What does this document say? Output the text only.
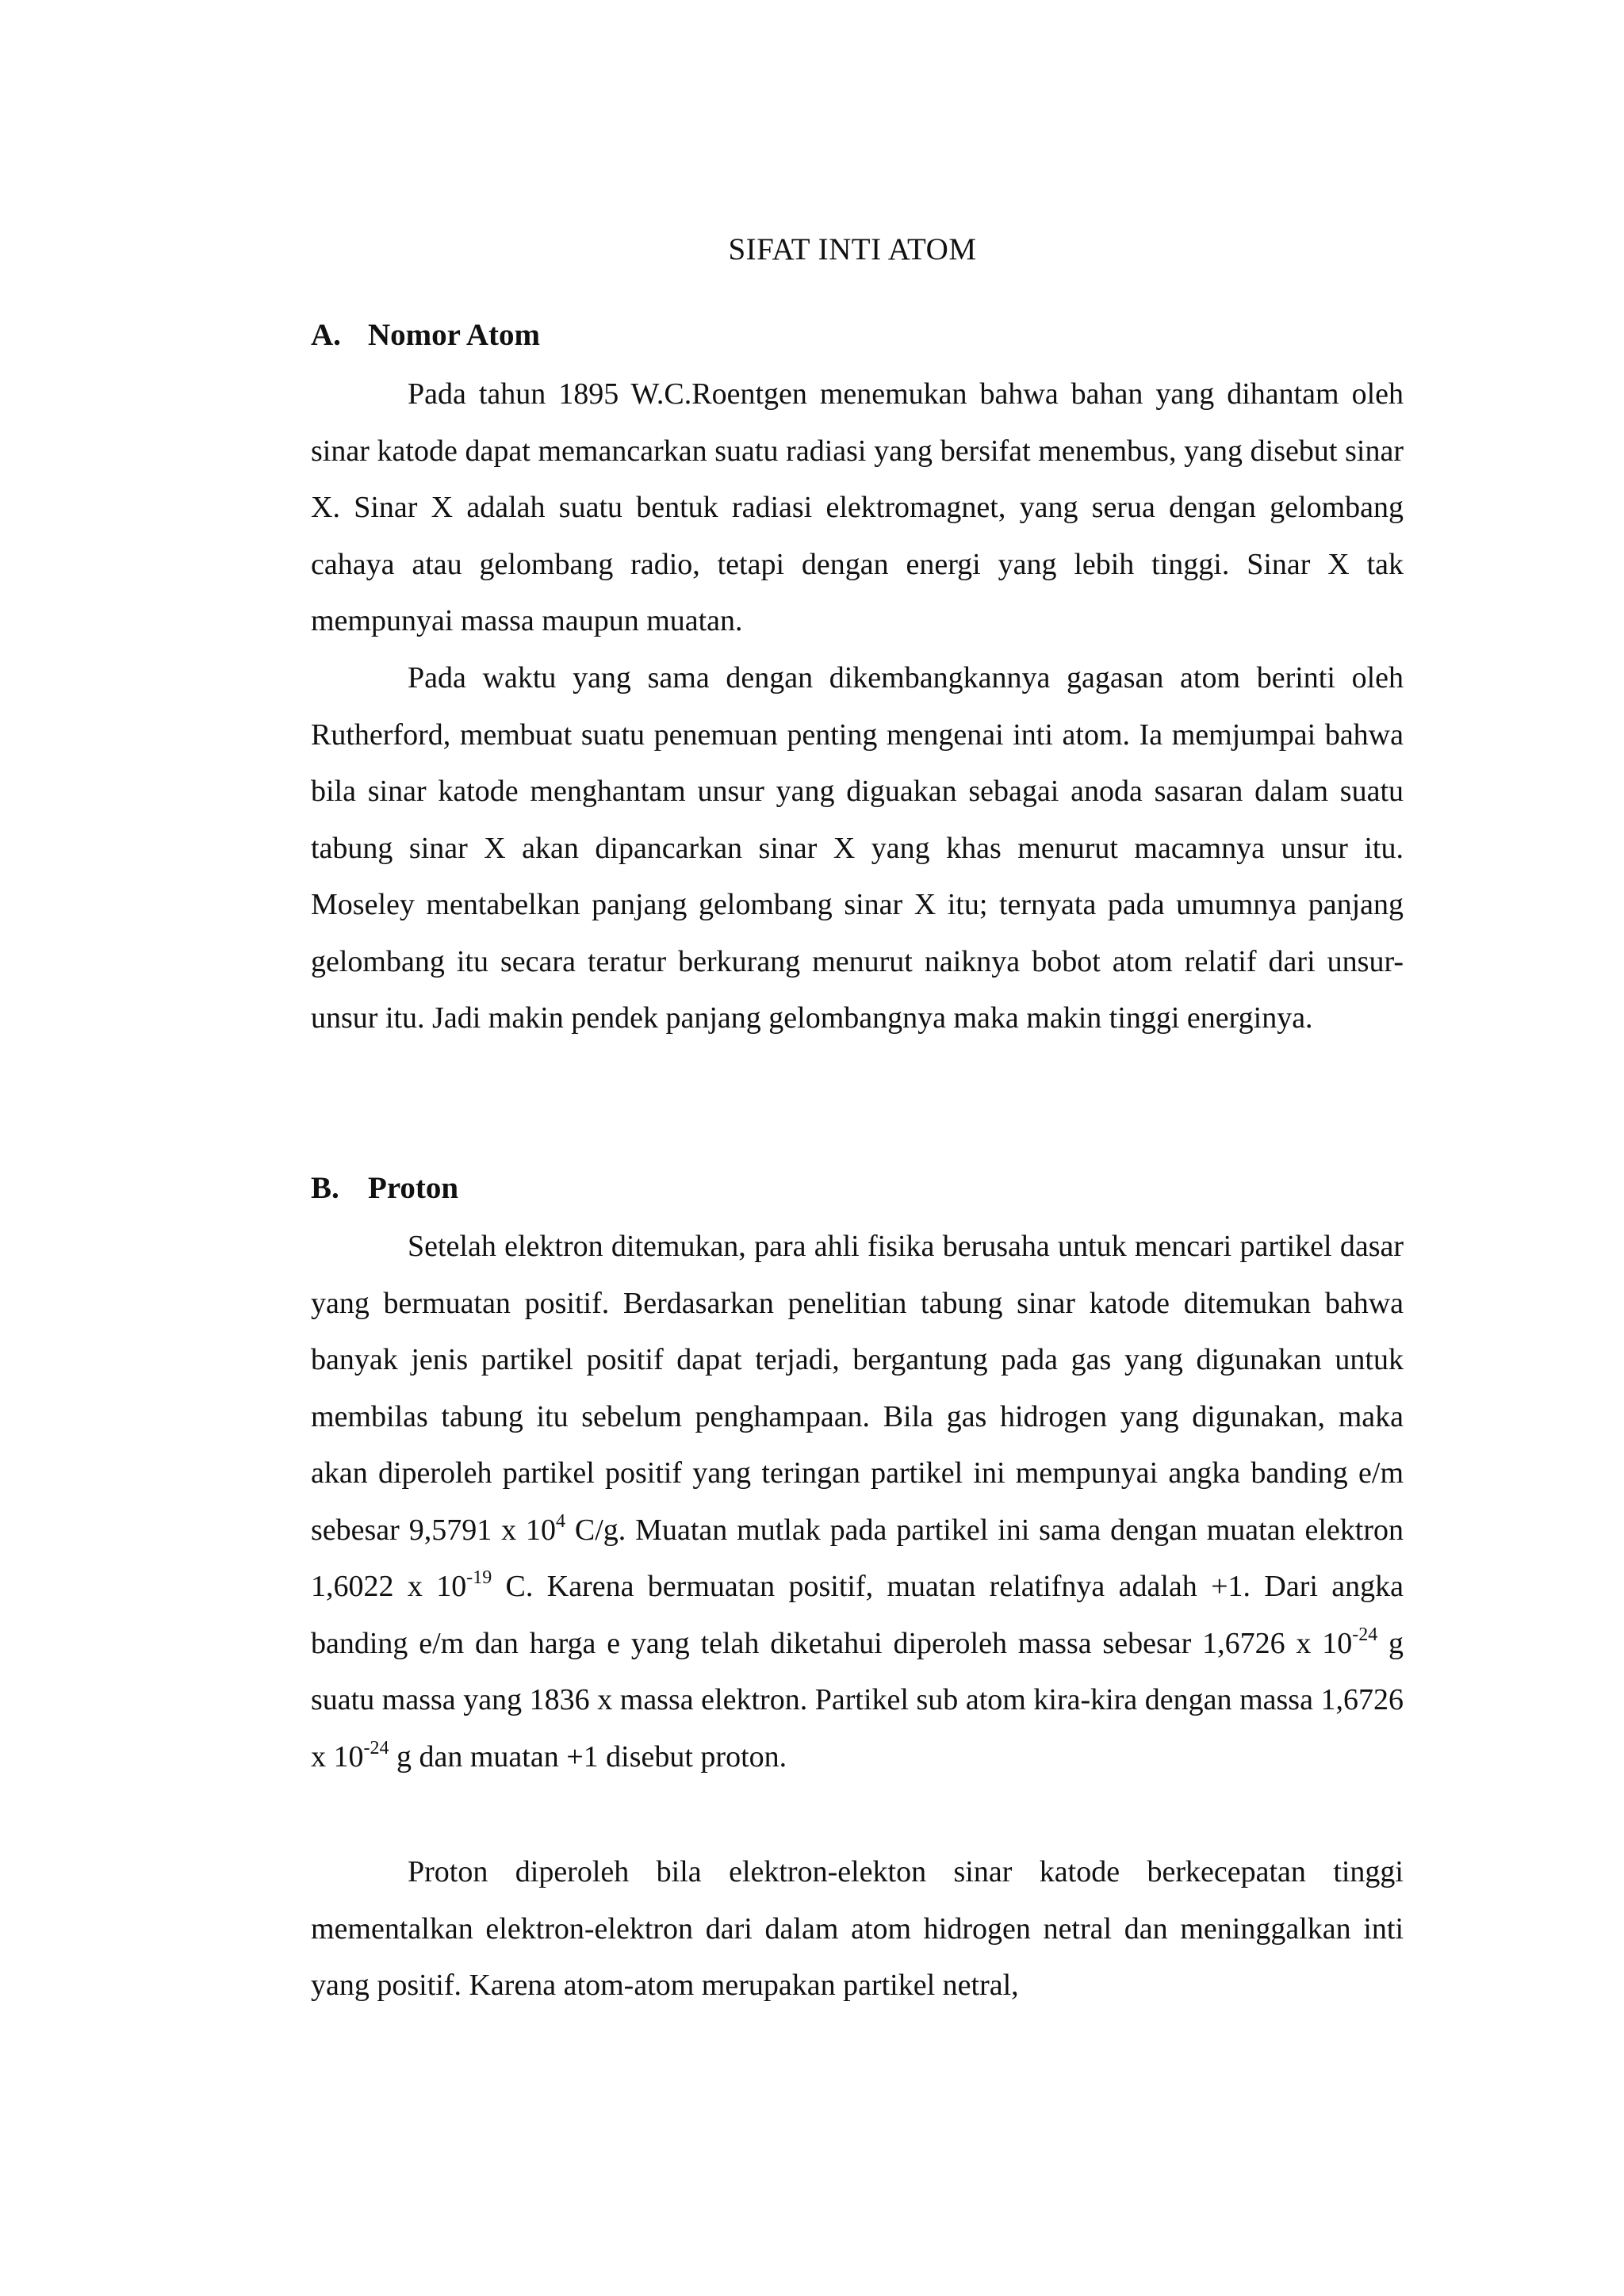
SIFAT INTI ATOM
A. Nomor Atom

Pada tahun 1895 W.C.Roentgen menemukan bahwa bahan yang dihantam oleh sinar katode dapat memancarkan suatu radiasi yang bersifat menembus, yang disebut sinar X. Sinar X adalah suatu bentuk radiasi elektromagnet, yang serua dengan gelombang cahaya atau gelombang radio, tetapi dengan energi yang lebih tinggi. Sinar X tak mempunyai massa maupun muatan.

Pada waktu yang sama dengan dikembangkannya gagasan atom berinti oleh Rutherford, membuat suatu penemuan penting mengenai inti atom. Ia memjumpai bahwa bila sinar katode menghantam unsur yang diguakan sebagai anoda sasaran dalam suatu tabung sinar X akan dipancarkan sinar X yang khas menurut macamnya unsur itu. Moseley mentabelkan panjang gelombang sinar X itu; ternyata pada umumnya panjang gelombang itu secara teratur berkurang menurut naiknya bobot atom relatif dari unsur-unsur itu. Jadi makin pendek panjang gelombangnya maka makin tinggi energinya.

B. Proton

Setelah elektron ditemukan, para ahli fisika berusaha untuk mencari partikel dasar yang bermuatan positif. Berdasarkan penelitian tabung sinar katode ditemukan bahwa banyak jenis partikel positif dapat terjadi, bergantung pada gas yang digunakan untuk membilas tabung itu sebelum penghampaan. Bila gas hidrogen yang digunakan, maka akan diperoleh partikel positif yang teringan partikel ini mempunyai angka banding e/m sebesar 9,5791 x $10^4$ C/g. Muatan mutlak pada partikel ini sama dengan muatan elektron 1,6022 x $10^{-19}$ C. Karena bermuatan positif, muatan relatifnya adalah +1. Dari angka banding e/m dan harga e yang telah diketahui diperoleh massa sebesar 1,6726 x $10^{-24}$ g suatu massa yang 1836 x massa elektron. Partikel sub atom kira-kira dengan massa 1,6726 x $10^{-24}$ g dan muatan +1 disebut proton.

Proton diperoleh bila elektron-elekton sinar katode berkecepatan tinggi mementalkan elektron-elektron dari dalam atom hidrogen netral dan meninggalkan inti yang positif. Karena atom-atom merupakan partikel netral,
